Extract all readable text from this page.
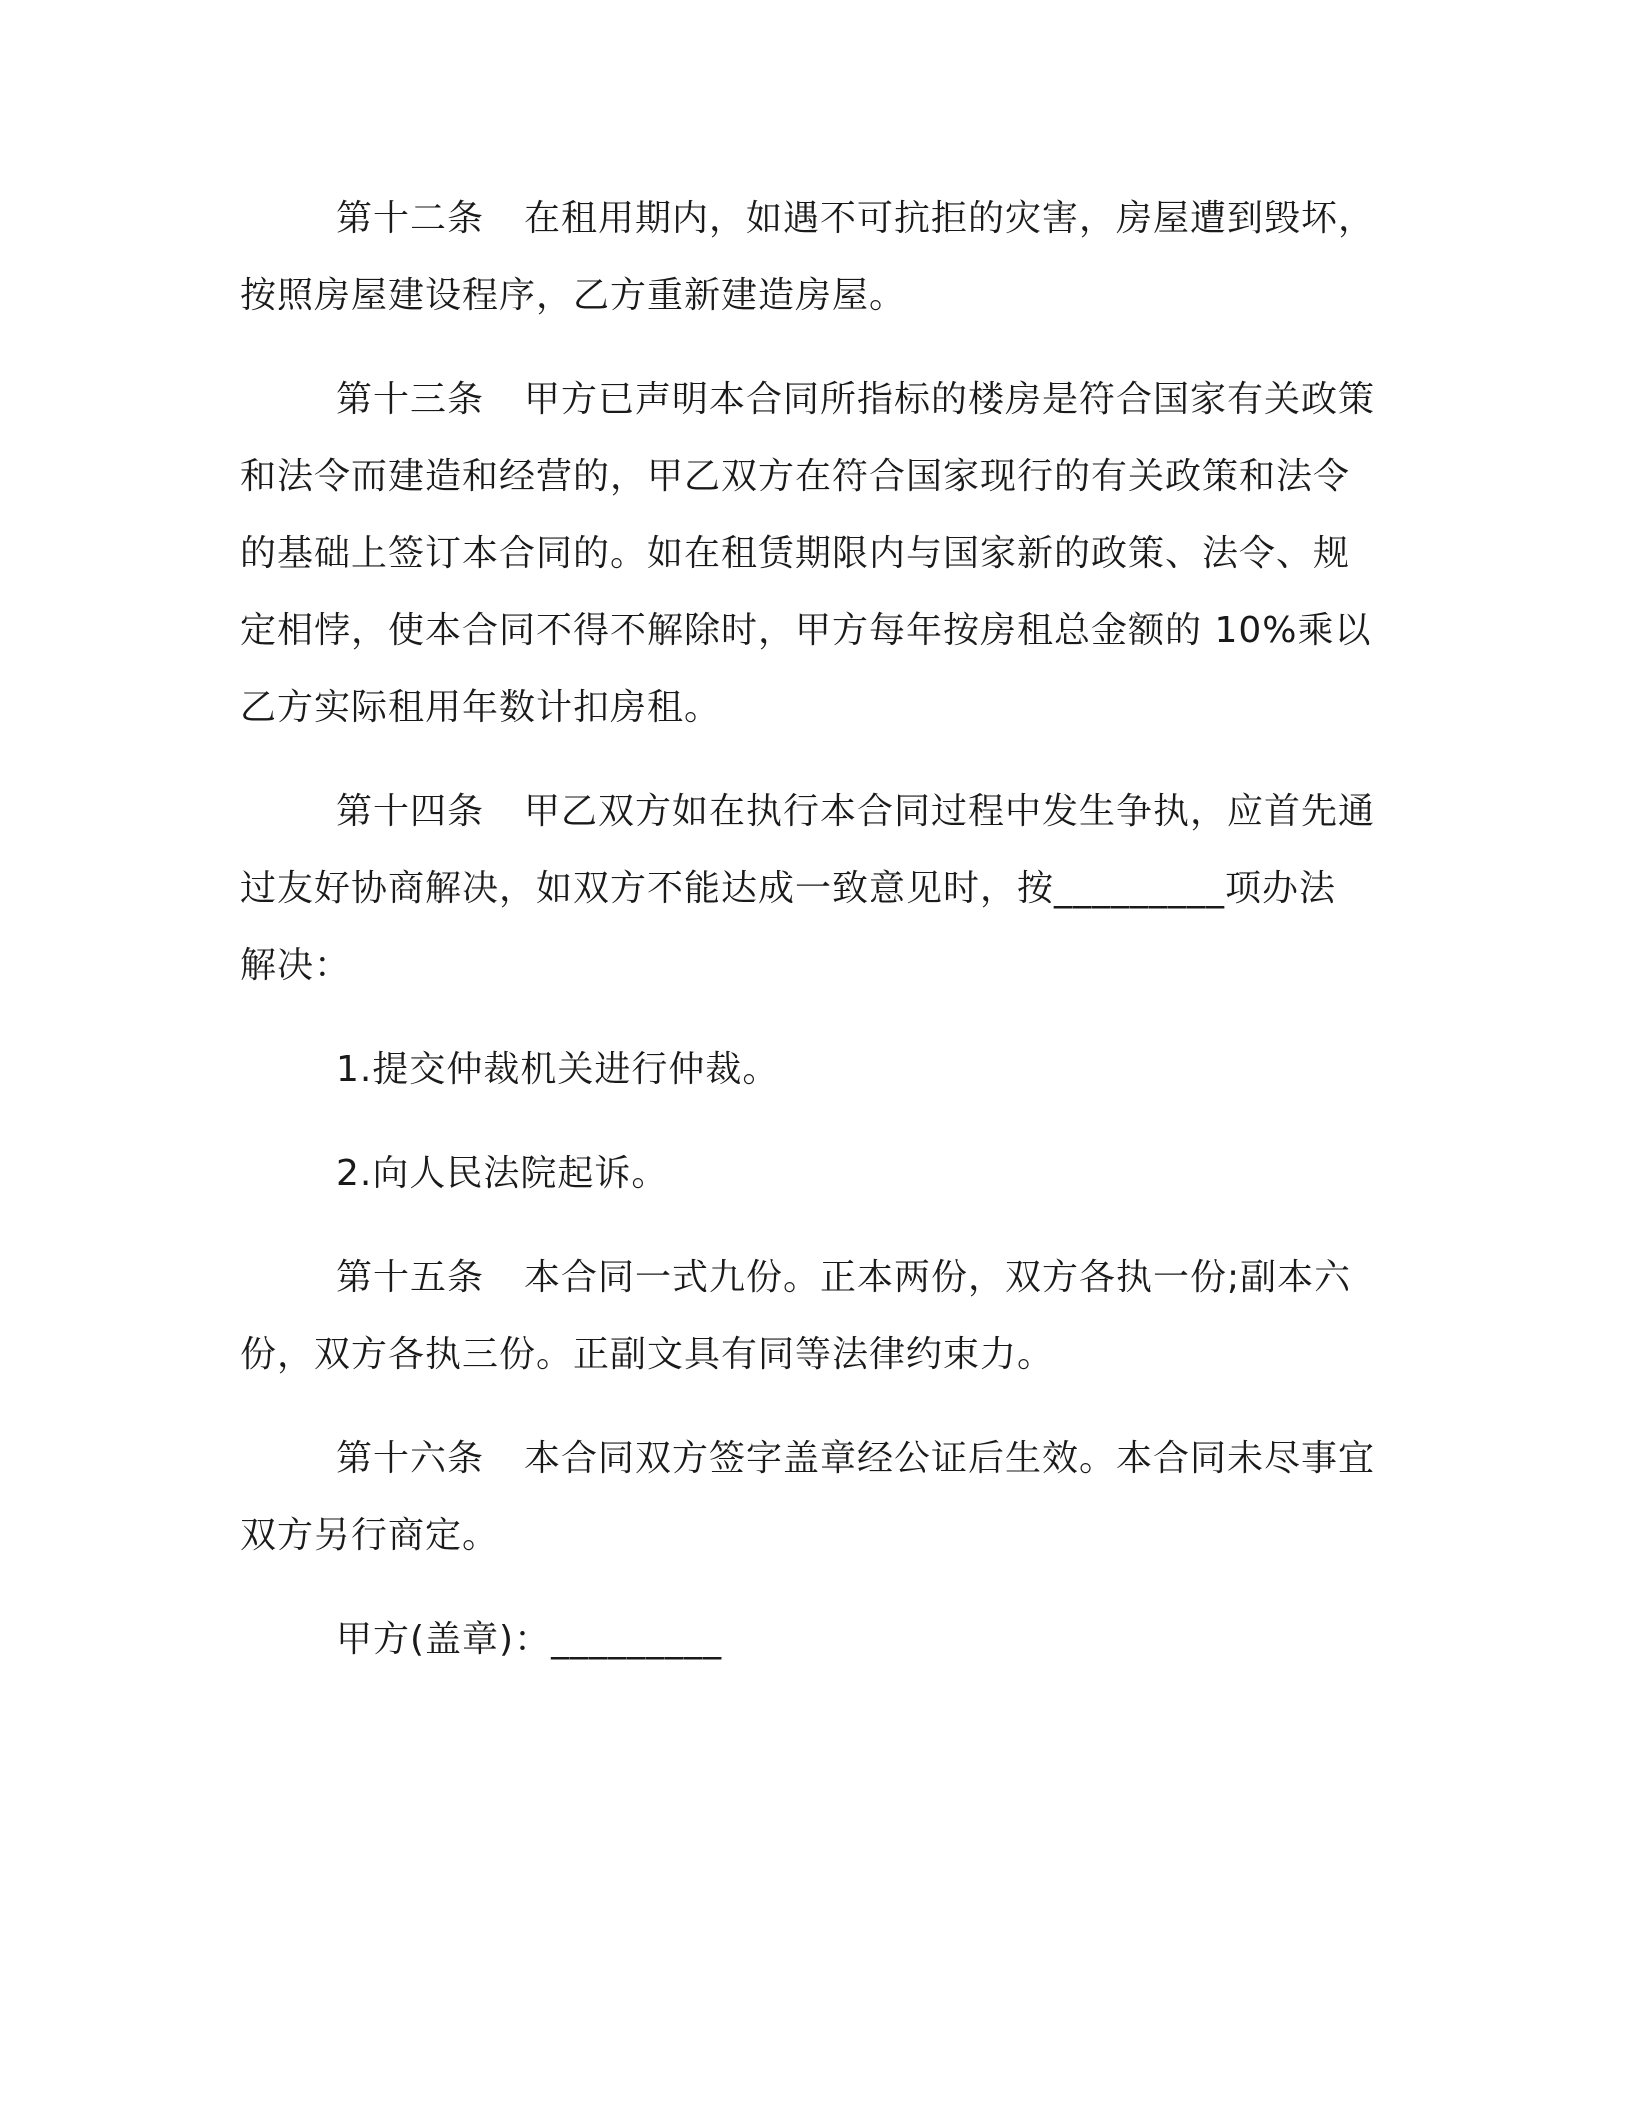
第十二条 在租用期内，如遇不可抗拒的灾害，房屋遭到毁坏，
按照房屋建设程序，乙方重新建造房屋。
第十三条 甲方已声明本合同所指标的楼房是符合国家有关政策
和法令而建造和经营的，甲乙双方在符合国家现行的有关政策和法令
的基础上签订本合同的。如在租赁期限内与国家新的政策、法令、规
定相悖，使本合同不得不解除时，甲方每年按房租总金额的 10%乘以
乙方实际租用年数计扣房租。
第十四条 甲乙双方如在执行本合同过程中发生争执，应首先通
过友好协商解决，如双方不能达成一致意见时，按_________项办法
解决：
1.提交仲裁机关进行仲裁。
2.向人民法院起诉。
第十五条 本合同一式九份。正本两份，双方各执一份;副本六
份，双方各执三份。正副文具有同等法律约束力。
第十六条 本合同双方签字盖章经公证后生效。本合同未尽事宜
双方另行商定。
甲方(盖章)：_________
